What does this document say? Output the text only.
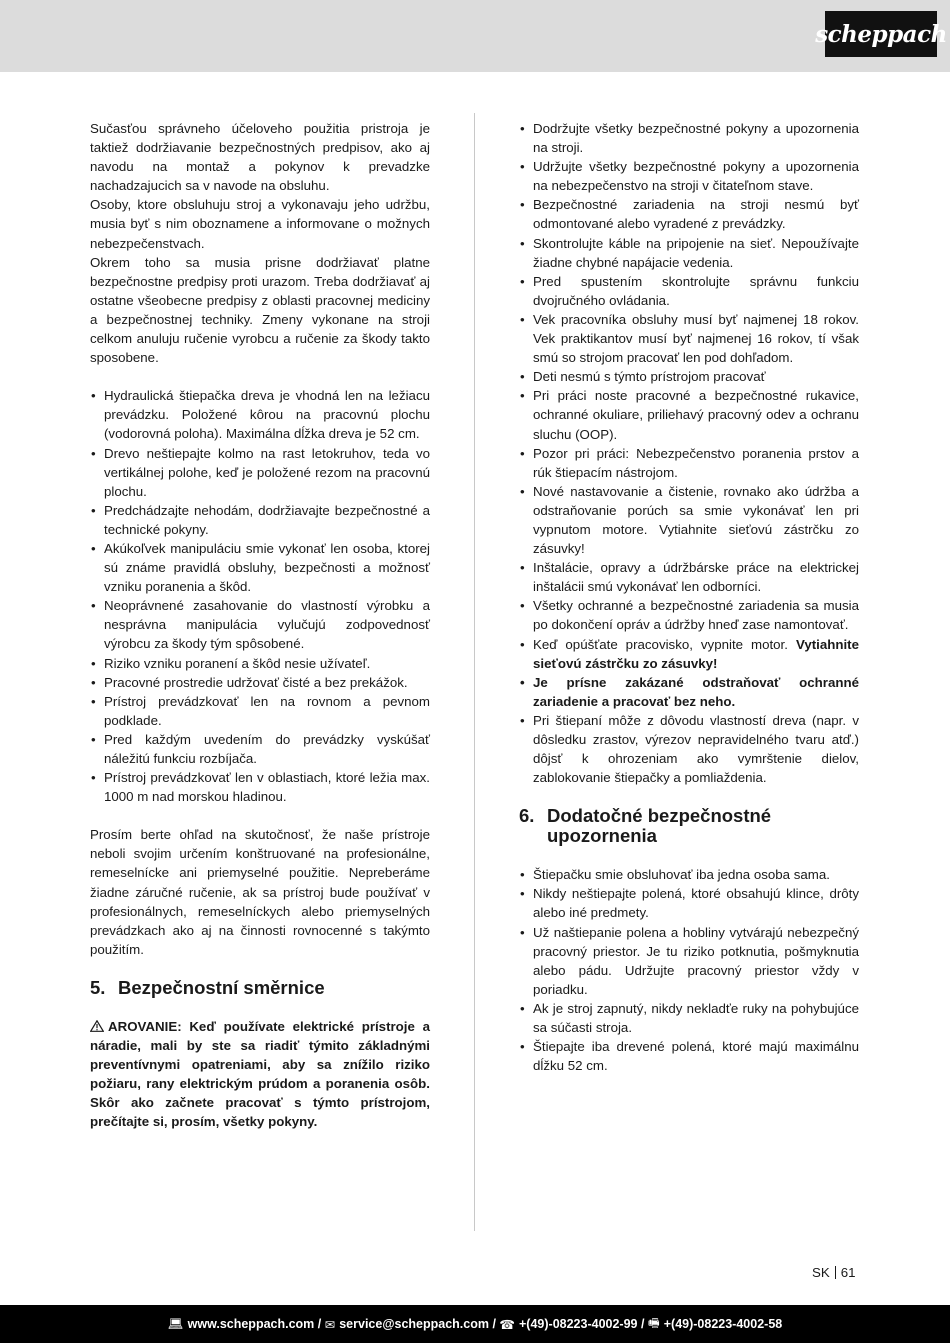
scheppach

Sučasťou správneho účeloveho použitia pristroja je taktiež dodržiavanie bezpečnostných predpisov, ako aj navodu na montaž a pokynov k prevadzke nachadzajucich sa v navode na obsluhu.

Osoby, ktore obsluhuju stroj a vykonavaju jeho udržbu, musia byť s nim oboznamene a informovane o možnych nebezpečenstvach.

Okrem toho sa musia prisne dodržiavať platne bezpečnostne predpisy proti urazom. Treba dodržiavať aj ostatne všeobecne predpisy z oblasti pracovnej mediciny a bezpečnostnej techniky. Zmeny vykonane na stroji celkom anuluju ručenie vyrobcu a ručenie za škody takto sposobene.

• Hydraulická štiepačka dreva je vhodná len na ležiacu prevádzku. Položené kôrou na pracovnú plochu (vodorovná poloha). Maximálna dĺžka dreva je 52 cm.
• Drevo neštiepajte kolmo na rast letokruhov, teda vo vertikálnej polohe, keď je položené rezom na pracovnú plochu.
• Predchádzajte nehodám, dodržiavajte bezpečnostné a technické pokyny.
• Akúkoľvek manipuláciu smie vykonať len osoba, ktorej sú známe pravidlá obsluhy, bezpečnosti a možnosť vzniku poranenia a škôd.
• Neoprávnené zasahovanie do vlastností výrobku a nesprávna manipulácia vylučujú zodpovednosť výrobcu za škody tým spôsobené.
• Riziko vzniku poranení a škôd nesie užívateľ.
• Pracovné prostredie udržovať čisté a bez prekážok.
• Prístroj prevádzkovať len na rovnom a pevnom podklade.
• Pred každým uvedením do prevádzky vyskúšať náležitú funkciu rozbíjača.
• Prístroj prevádzkovať len v oblastiach, ktoré ležia max. 1000 m nad morskou hladinou.

Prosím berte ohľad na skutočnosť, že naše prístroje neboli svojim určením konštruované na profesionálne, remeselnícke ani priemyselné použitie. Nepreberáme žiadne záručné ručenie, ak sa prístroj bude používať v profesionálnych, remeselníckych alebo priemyselných prevádzkach ako aj na činnosti rovnocenné s takýmto použitím.

5. Bezpečnostní směrnice

AROVANIE: Keď používate elektrické prístroje a náradie, mali by ste sa riadiť týmito základnými preventívnymi opatreniami, aby sa znížilo riziko požiaru, rany elektrickým prúdom a poranenia osôb. Skôr ako začnete pracovať s týmto prístrojom, prečítajte si, prosím, všetky pokyny.

• Dodržujte všetky bezpečnostné pokyny a upozornenia na stroji.
• Udržujte všetky bezpečnostné pokyny a upozornenia na nebezpečenstvo na stroji v čitateľnom stave.
• Bezpečnostné zariadenia na stroji nesmú byť odmontované alebo vyradené z prevádzky.
• Skontrolujte káble na pripojenie na sieť. Nepoužívajte žiadne chybné napájacie vedenia.
• Pred spustením skontrolujte správnu funkciu dvojručného ovládania.
• Vek pracovníka obsluhy musí byť najmenej 18 rokov. Vek praktikantov musí byť najmenej 16 rokov, tí však smú so strojom pracovať len pod dohľadom.
• Deti nesmú s týmto prístrojom pracovať
• Pri práci noste pracovné a bezpečnostné rukavice, ochranné okuliare, priliehavý pracovný odev a ochranu sluchu (OOP).
• Pozor pri práci: Nebezpečenstvo poranenia prstov a rúk štiepacím nástrojom.
• Nové nastavovanie a čistenie, rovnako ako údržba a odstraňovanie porúch sa smie vykonávať len pri vypnutom motore. Vytiahnite sieťovú zástrčku zo zásuvky!
• Inštalácie, opravy a údržbárske práce na elektrickej inštalácii smú vykonávať len odborníci.
• Všetky ochranné a bezpečnostné zariadenia sa musia po dokončení opráv a údržby hneď zase namontovať.
• Keď opúšťate pracovisko, vypnite motor. Vytiahnite sieťovú zástrčku zo zásuvky!
• Je prísne zakázané odstraňovať ochranné zariadenie a pracovať bez neho.
• Pri štiepaní môže z dôvodu vlastností dreva (napr. v dôsledku zrastov, výrezov nepravidelného tvaru atď.) dôjsť k ohrozeniam ako vymrštenie dielov, zablokovanie štiepačky a pomliaždenia.
6. Dodatočné bezpečnostné upozornenia
• Štiepačku smie obsluhovať iba jedna osoba sama.
• Nikdy neštiepajte polená, ktoré obsahujú klince, drôty alebo iné predmety.
• Už naštiepanie polena a hobliny vytvárajú nebezpečný pracovný priestor. Je tu riziko potknutia, pošmyknutia alebo pádu. Udržujte pracovný priestor vždy v poriadku.
• Ak je stroj zapnutý, nikdy nekladťe ruky na pohybujúce sa súčasti stroja.
• Štiepajte iba drevené polená, ktoré majú maximálnu dĺžku 52 cm.
SK 61
💻︎ www.scheppach.com /
✉ service@scheppach.com /
☎ +(49)-08223-4002-99 /
🖷︎ +(49)-08223-4002-58
